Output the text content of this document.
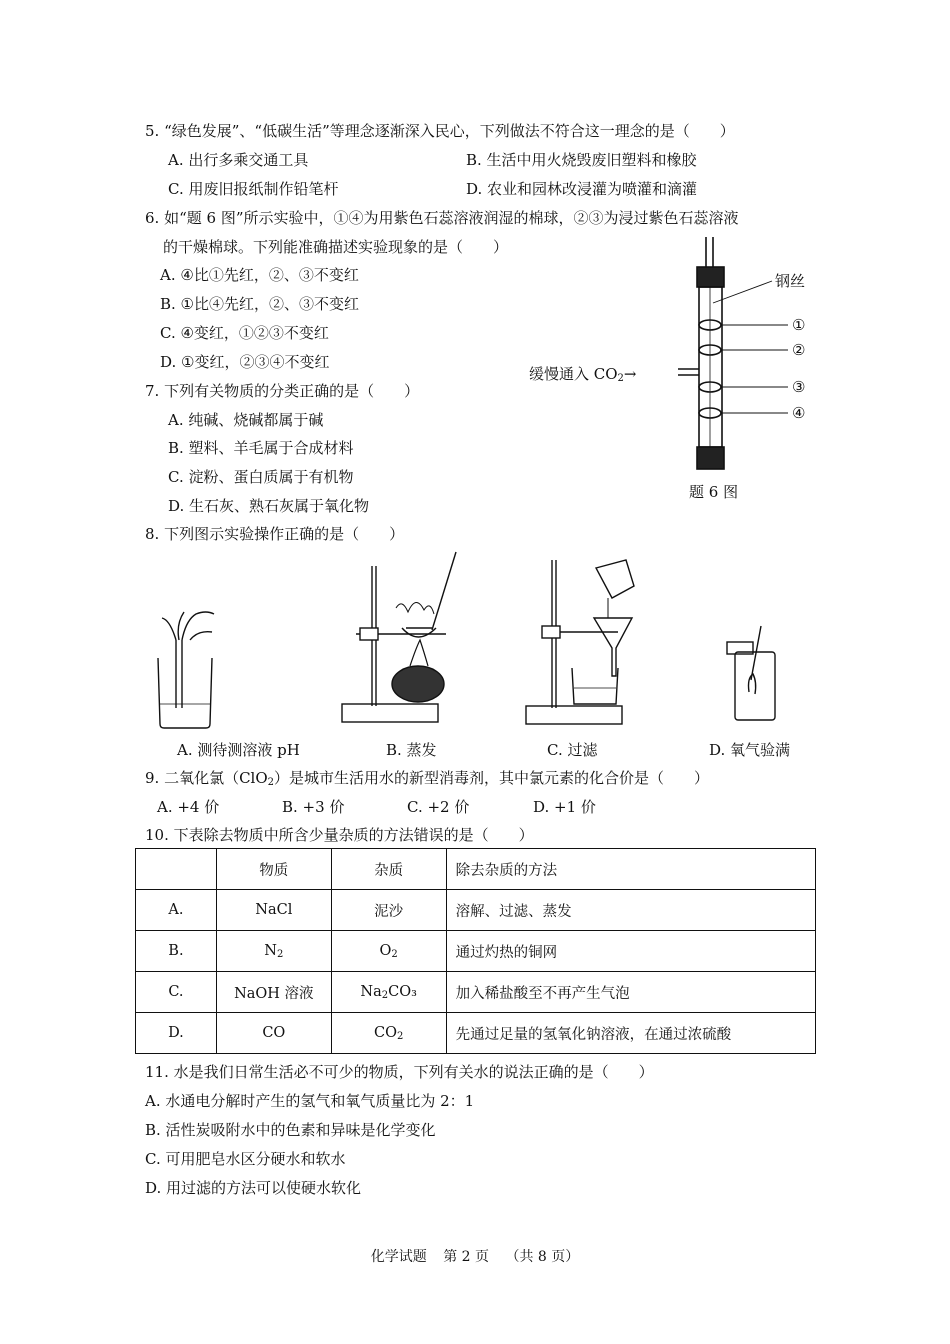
5. “绿色发展”、“低碳生活”等理念逐渐深入民心，下列做法不符合这一理念的是（　　）
A. 出行多乘交通工具	B. 生活中用火烧毁废旧塑料和橡胶
C. 用废旧报纸制作铅笔杆	D. 农业和园林改浸灌为喷灌和滴灌
6. 如“题 6 图”所示实验中，①④为用紫色石蕊溶液润湿的棉球，②③为浸过紫色石蕊溶液
的干燥棉球。下列能准确描述实验现象的是（　　）
A. ④比①先红，②、③不变红
B. ①比④先红，②、③不变红
C. ④变红，①②③不变红
D. ①变红，②③④不变红
钢丝
①
②
③
④
缓慢通入 $CO_2\to$
题 6 图
7. 下列有关物质的分类正确的是（　　）
A. 纯碱、烧碱都属于碱
B. 塑料、羊毛属于合成材料
C. 淀粉、蛋白质属于有机物
D. 生石灰、熟石灰属于氧化物
8. 下列图示实验操作正确的是（　　）
A. 测待测溶液 pH	B. 蒸发	C. 过滤	D. 氧气验满
9. 二氧化氯（ClO$_2$）是城市生活用水的新型消毒剂，其中氯元素的化合价是（　　）
A. +4 价	B. +3 价	C. +2 价	D. +1 价
10. 下表除去物质中所含少量杂质的方法错误的是（　　）
	物质	杂质	除去杂质的方法
A.	NaCl	泥沙	溶解、过滤、蒸发
B.	$N_2$	$O_2$	通过灼热的铜网
C.	NaOH 溶液	$Na_2CO_3$	加入稀盐酸至不再产生气泡
D.	CO	$CO_2$	先通过足量的氢氧化钠溶液，在通过浓硫酸
11. 水是我们日常生活必不可少的物质，下列有关水的说法正确的是（　　）
A. 水通电分解时产生的氢气和氧气质量比为 2：1
B. 活性炭吸附水中的色素和异味是化学变化
C. 可用肥皂水区分硬水和软水
D. 用过滤的方法可以使硬水软化
化学试题 第 2 页 （共 8 页）
